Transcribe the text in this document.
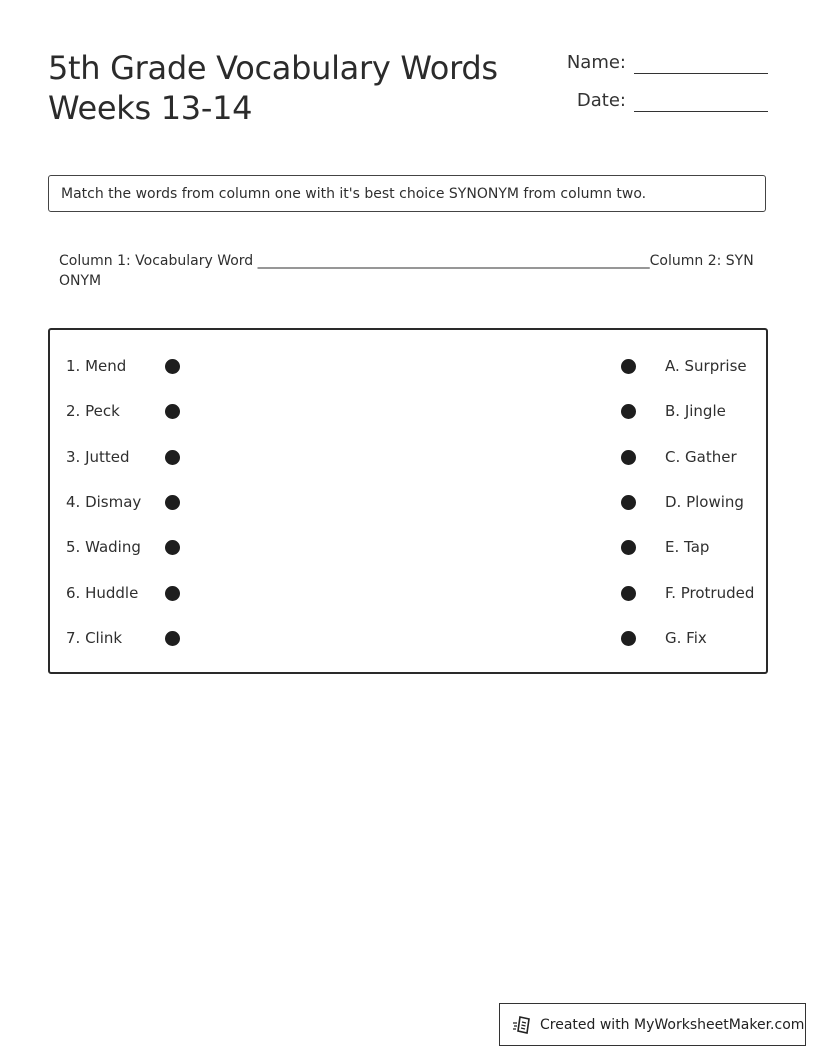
5th Grade Vocabulary Words
Weeks 13-14
Name:
Date:
Match the words from column one with it's best choice SYNONYM from column two.
Column 1: Vocabulary Word ________________________________________________________Column 2: SYNONYM
1. Mend	A. Surprise
2. Peck	B. Jingle
3. Jutted	C. Gather
4. Dismay	D. Plowing
5. Wading	E. Tap
6. Huddle	F. Protruded
7. Clink	G. Fix
Created with MyWorksheetMaker.com
